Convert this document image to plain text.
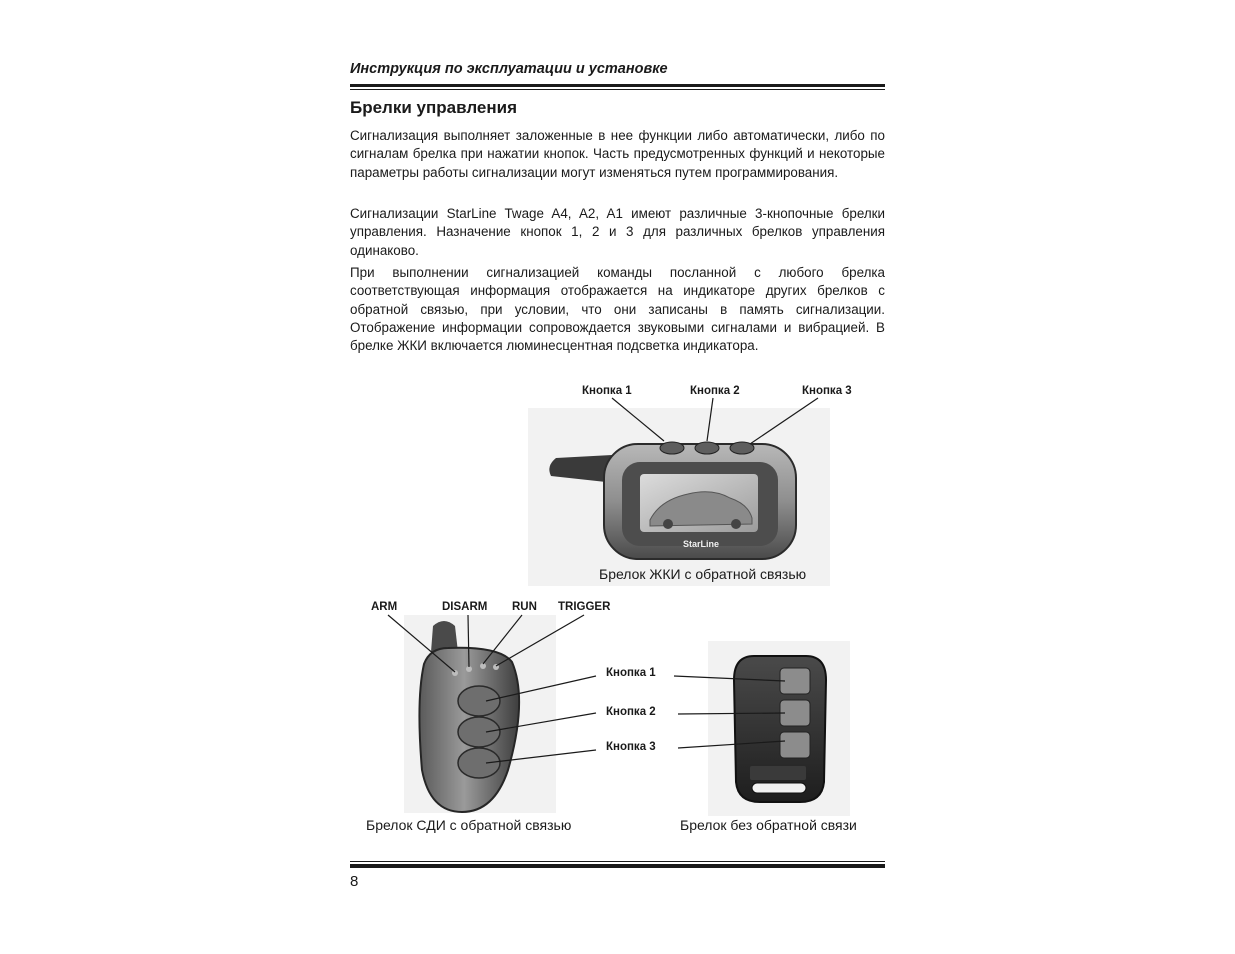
Инструкция по эксплуатации и установке
Брелки управления

Сигнализация выполняет заложенные в нее функции либо автоматически, либо по сигналам брелка при нажатии кнопок. Часть предусмотренных функций и некоторые параметры работы сигнализации могут изменяться путем программирования.

Сигнализации StarLine Twage A4, A2, A1 имеют различные 3-кнопочные брелки управления. Назначение кнопок 1, 2 и 3 для различных брелков управления одинаково.

При выполнении сигнализацией команды посланной с любого брелка соответствующая информация отображается на индикаторе других брелков с обратной связью, при условии, что они записаны в память сигнализации. Отображение информации сопровождается звуковыми сигналами и вибрацией. В брелке ЖКИ включается люминесцентная подсветка индикатора.

StarLine
Кнопка 1	Кнопка 2	Кнопка 3
Брелок ЖКИ с обратной связью
ARM	DISARM RUN TRIGGER
Брелок СДИ с обратной связью
Кнопка 1
Кнопка 2
Кнопка 3
Брелок без обратной связи
8
